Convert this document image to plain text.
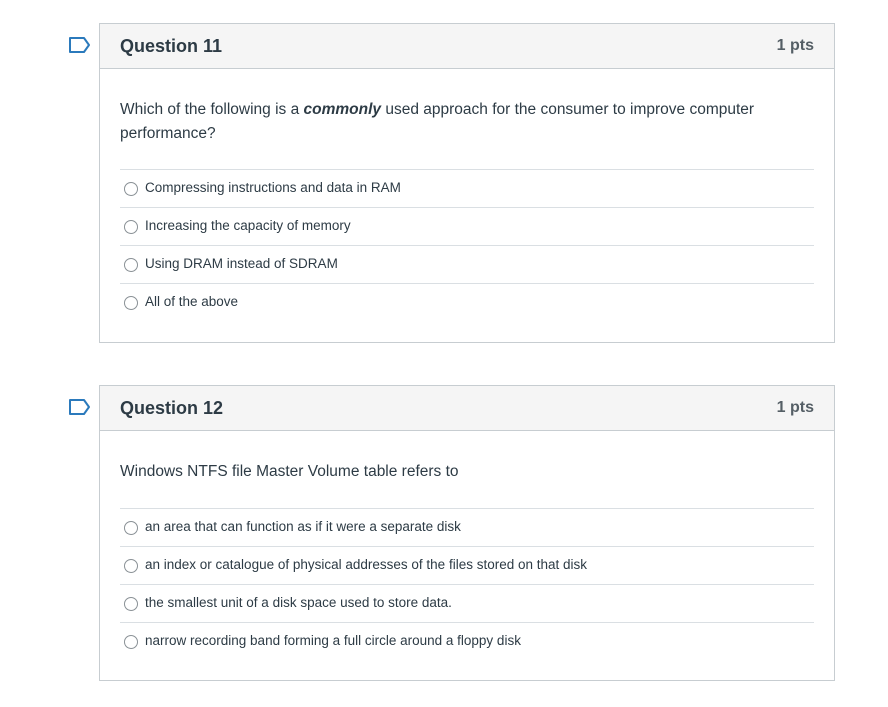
Question 11	1 pts
Which of the following is a commonly used approach for the consumer to improve computer performance?
Compressing instructions and data in RAM
Increasing the capacity of memory
Using DRAM instead of SDRAM
All of the above
Question 12	1 pts
Windows NTFS file Master Volume table refers to
an area that can function as if it were a separate disk
an index or catalogue of physical addresses of the files stored on that disk
the smallest unit of a disk space used to store data.
narrow recording band forming a full circle around a floppy disk
